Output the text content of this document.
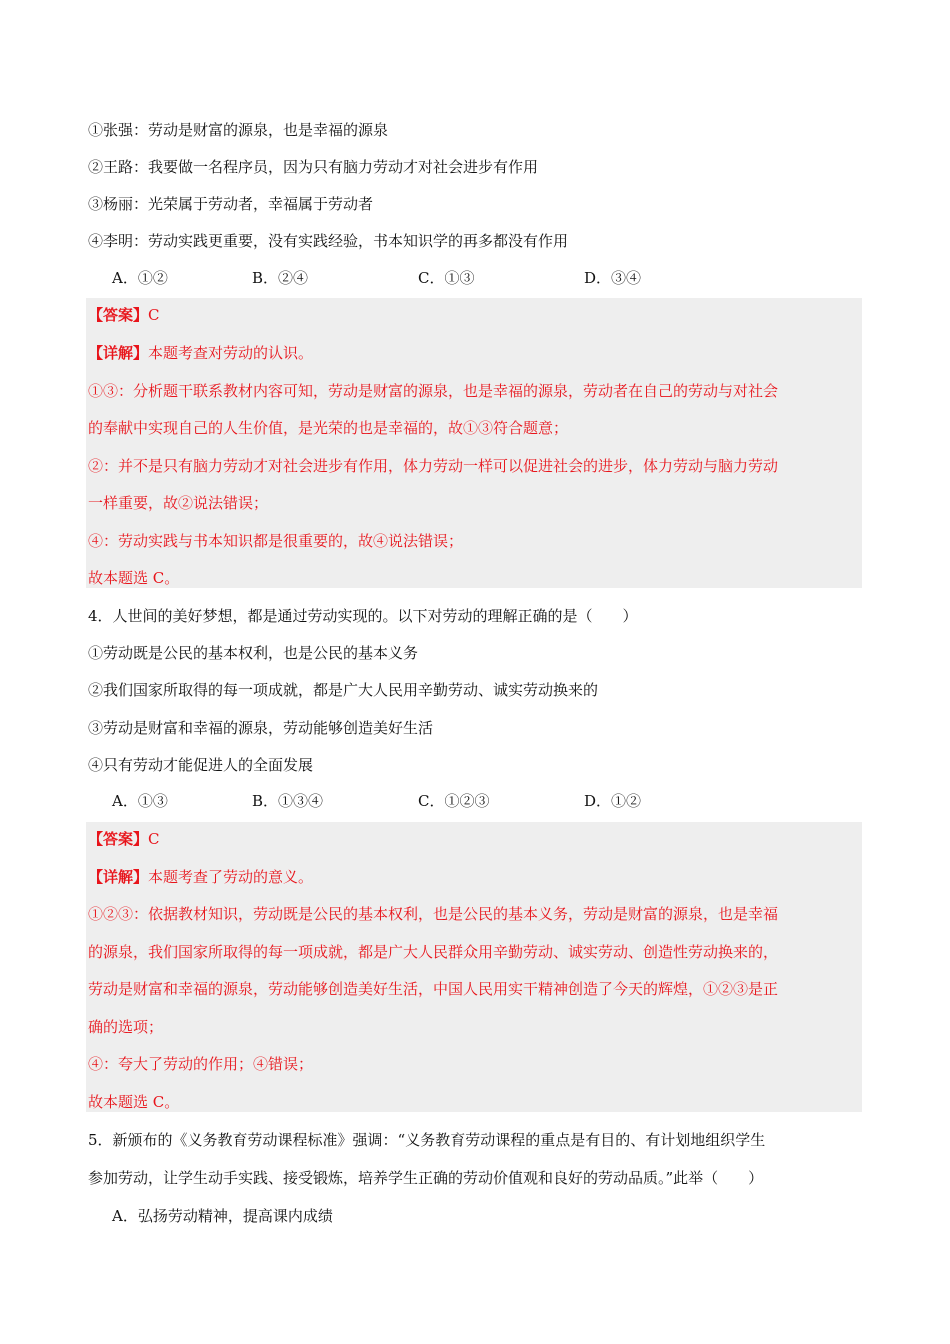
①张强：劳动是财富的源泉，也是幸福的源泉
②王路：我要做一名程序员，因为只有脑力劳动才对社会进步有作用
③杨丽：光荣属于劳动者，幸福属于劳动者
④李明：劳动实践更重要，没有实践经验，书本知识学的再多都没有作用
A．①②	B．②④	C．①③	D．③④
【答案】C
【详解】本题考查对劳动的认识。
①③：分析题干联系教材内容可知，劳动是财富的源泉，也是幸福的源泉，劳动者在自己的劳动与对社会
的奉献中实现自己的人生价值，是光荣的也是幸福的，故①③符合题意；
②：并不是只有脑力劳动才对社会进步有作用，体力劳动一样可以促进社会的进步，体力劳动与脑力劳动
一样重要，故②说法错误；
④：劳动实践与书本知识都是很重要的，故④说法错误；
故本题选 C。
4．人世间的美好梦想，都是通过劳动实现的。以下对劳动的理解正确的是（　　）
①劳动既是公民的基本权利，也是公民的基本义务
②我们国家所取得的每一项成就，都是广大人民用辛勤劳动、诚实劳动换来的
③劳动是财富和幸福的源泉，劳动能够创造美好生活
④只有劳动才能促进人的全面发展
A．①③	B．①③④	C．①②③	D．①②
【答案】C
【详解】本题考查了劳动的意义。
①②③：依据教材知识，劳动既是公民的基本权利，也是公民的基本义务，劳动是财富的源泉，也是幸福
的源泉，我们国家所取得的每一项成就，都是广大人民群众用辛勤劳动、诚实劳动、创造性劳动换来的，
劳动是财富和幸福的源泉，劳动能够创造美好生活，中国人民用实干精神创造了今天的辉煌，①②③是正
确的选项；
④：夸大了劳动的作用；④错误；
故本题选 C。
5．新颁布的《义务教育劳动课程标准》强调：“义务教育劳动课程的重点是有目的、有计划地组织学生
参加劳动，让学生动手实践、接受锻炼，培养学生正确的劳动价值观和良好的劳动品质。”此举（　　）
A．弘扬劳动精神，提高课内成绩
